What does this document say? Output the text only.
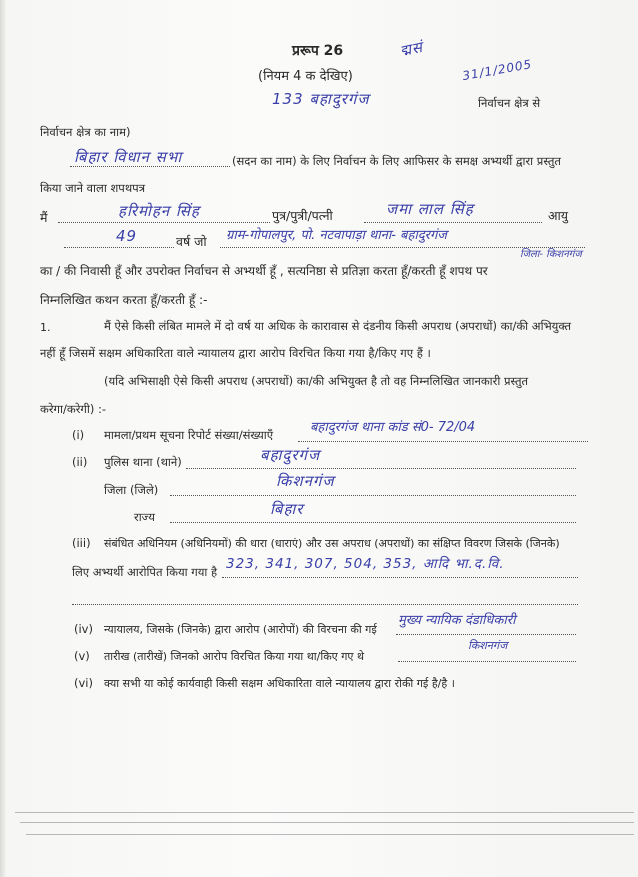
प्ररूप 26
(नियम 4 क देखिए)
द्मसं
31/1/2005
133 बहादुरगंज	निर्वाचन क्षेत्र से
निर्वाचन क्षेत्र का नाम)
बिहार विधान सभा	(सदन का नाम) के लिए निर्वाचन के लिए आफिसर के समक्ष अभ्यर्थी द्वारा प्रस्तुत
किया जाने वाला शपथपत्र
मैं	हरिमोहन सिंह	पुत्र/पुत्री/पत्नी	जमा लाल सिंह	आयु
49	वर्ष जो ग्राम-गोपालपुर, पो. नटवापाड़ा थाना- बहादुरगंज
जिला- किशनगंज
का / की निवासी हूँ और उपरोक्त निर्वाचन से अभ्यर्थी हूँ , सत्यनिष्ठा से प्रतिज्ञा करता हूँ/करती हूँ शपथ पर
निम्नलिखित कथन करता हूँ/करती हूँ :-
1.	मैं ऐसे किसी लंबित मामले में दो वर्ष या अधिक के कारावास से दंडनीय किसी अपराध (अपराधों) का/की अभियुक्त
नहीं हूँ जिसमें सक्षम अधिकारिता वाले न्यायालय द्वारा आरोप विरचित किया गया है/किए गए हैं ।
(यदि अभिसाक्षी ऐसे किसी अपराध (अपराधों) का/की अभियुक्त है तो वह निम्नलिखित जानकारी प्रस्तुत
करेगा/करेगी) :-
(i) मामला/प्रथम सूचना रिपोर्ट संख्या/संख्याएँ	बहादुरगंज थाना कांड सं0- 72/04
(ii) पुलिस थाना (थाने)	बहादुरगंज
जिला (जिले)	किशनगंज
राज्य	बिहार
(iii) संबंधित अधिनियम (अधिनियमों) की धारा (धाराएं) और उस अपराध (अपराधों) का संक्षिप्त विवरण जिसके (जिनके)
लिए अभ्यर्थी आरोपित किया गया है 323, 341, 307, 504, 353, आदि भा.द.वि.
(iv) न्यायालय, जिसके (जिनके) द्वारा आरोप (आरोपों) की विरचना की गई
मुख्य न्यायिक दंडाधिकारी
किशनगंज
(v) तारीख (तारीखें) जिनको आरोप विरचित किया गया था/किए गए थे
(vi) क्या सभी या कोई कार्यवाही किसी सक्षम अधिकारिता वाले न्यायालय द्वारा रोकी गई है/है ।
